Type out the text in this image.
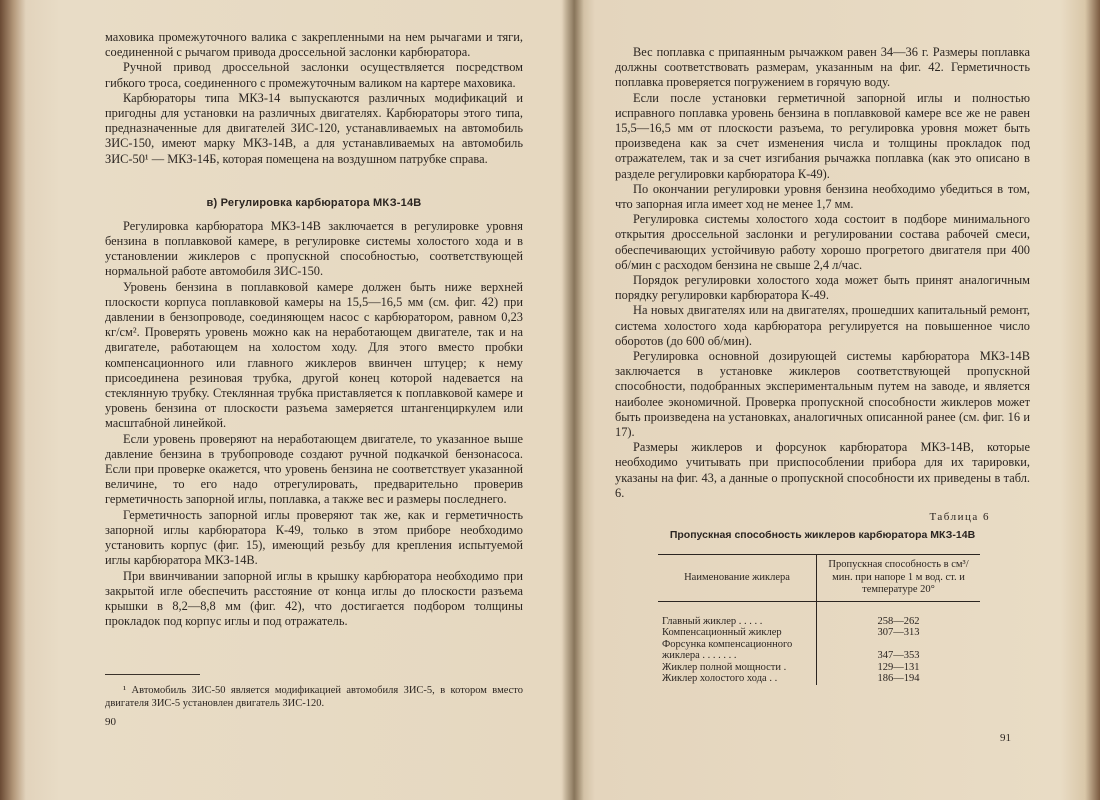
маховика промежуточного валика с закрепленными на нем рычагами и тяги, соединенной с рычагом привода дроссельной заслонки карбюратора.

Ручной привод дроссельной заслонки осуществляется посредством гибкого троса, соединенного с промежуточным валиком на картере маховика.

Карбюраторы типа МКЗ-14 выпускаются различных модификаций и пригодны для установки на различных двигателях. Карбюраторы этого типа, предназначенные для двигателей ЗИС-120, устанавливаемых на автомобиль ЗИС-150, имеют марку МКЗ-14В, а для устанавливаемых на автомобиль ЗИС-50¹ — МКЗ-14Б, которая помещена на воздушном патрубке справа.

в) Регулировка карбюратора МКЗ-14В

Регулировка карбюратора МКЗ-14В заключается в регулировке уровня бензина в поплавковой камере, в регулировке системы холостого хода и в установлении жиклеров с пропускной способностью, соответствующей нормальной работе автомобиля ЗИС-150.

Уровень бензина в поплавковой камере должен быть ниже верхней плоскости корпуса поплавковой камеры на 15,5—16,5 мм (см. фиг. 42) при давлении в бензопроводе, соединяющем насос с карбюратором, равном 0,23 кг/см². Проверять уровень можно как на неработающем двигателе, так и на двигателе, работающем на холостом ходу. Для этого вместо пробки компенсационного или главного жиклеров ввинчен штуцер; к нему присоединена резиновая трубка, другой конец которой надевается на стеклянную трубку. Стеклянная трубка приставляется к поплавковой камере и уровень бензина от плоскости разъема замеряется штангенциркулем или масштабной линейкой.

Если уровень проверяют на неработающем двигателе, то указанное выше давление бензина в трубопроводе создают ручной подкачкой бензонасоса. Если при проверке окажется, что уровень бензина не соответствует указанной величине, то его надо отрегулировать, предварительно проверив герметичность запорной иглы, поплавка, а также вес и размеры последнего.

Герметичность запорной иглы проверяют так же, как и герметичность запорной иглы карбюратора К-49, только в этом приборе необходимо установить корпус (фиг. 15), имеющий резьбу для крепления испытуемой иглы карбюратора МКЗ-14В.

При ввинчивании запорной иглы в крышку карбюратора необходимо при закрытой игле обеспечить расстояние от конца иглы до плоскости разъема крышки в 8,2—8,8 мм (фиг. 42), что достигается подбором толщины прокладок под корпус иглы и под отражатель.

¹ Автомобиль ЗИС-50 является модификацией автомобиля ЗИС-5, в котором вместо двигателя ЗИС-5 установлен двигатель ЗИС-120.

90

Вес поплавка с припаянным рычажком равен 34—36 г. Размеры поплавка должны соответствовать размерам, указанным на фиг. 42. Герметичность поплавка проверяется погружением в горячую воду.

Если после установки герметичной запорной иглы и полностью исправного поплавка уровень бензина в поплавковой камере все же не равен 15,5—16,5 мм от плоскости разъема, то регулировка уровня может быть произведена как за счет изменения числа и толщины прокладок под отражателем, так и за счет изгибания рычажка поплавка (как это описано в разделе регулировки карбюратора К-49).

По окончании регулировки уровня бензина необходимо убедиться в том, что запорная игла имеет ход не менее 1,7 мм.

Регулировка системы холостого хода состоит в подборе минимального открытия дроссельной заслонки и регулировании состава рабочей смеси, обеспечивающих устойчивую работу хорошо прогретого двигателя при 400 об/мин с расходом бензина не свыше 2,4 л/час.

Порядок регулировки холостого хода может быть принят аналогичным порядку регулировки карбюратора К-49.

На новых двигателях или на двигателях, прошедших капитальный ремонт, система холостого хода карбюратора регулируется на повышенное число оборотов (до 600 об/мин).

Регулировка основной дозирующей системы карбюратора МКЗ-14В заключается в установке жиклеров соответствующей пропускной способности, подобранных экспериментальным путем на заводе, и является наиболее экономичной. Проверка пропускной способности жиклеров может быть произведена на установках, аналогичных описанной ранее (см. фиг. 16 и 17).

Размеры жиклеров и форсунок карбюратора МКЗ-14В, которые необходимо учитывать при приспособлении прибора для их тарировки, указаны на фиг. 43, а данные о пропускной способности их приведены в табл. 6.

Таблица 6
Пропускная способность жиклеров карбюратора МКЗ-14В
Наименование жиклера	Пропускная способность в см³/мин. при напоре 1 м вод. ст. и температуре 20°

Главный жиклер . . . . .	258—262
Компенсационный жиклер	307—313
Форсунка компенсационного	
жиклера . . . . . . .	347—353
Жиклер полной мощности .	129—131
Жиклер холостого хода . .	186—194
91
